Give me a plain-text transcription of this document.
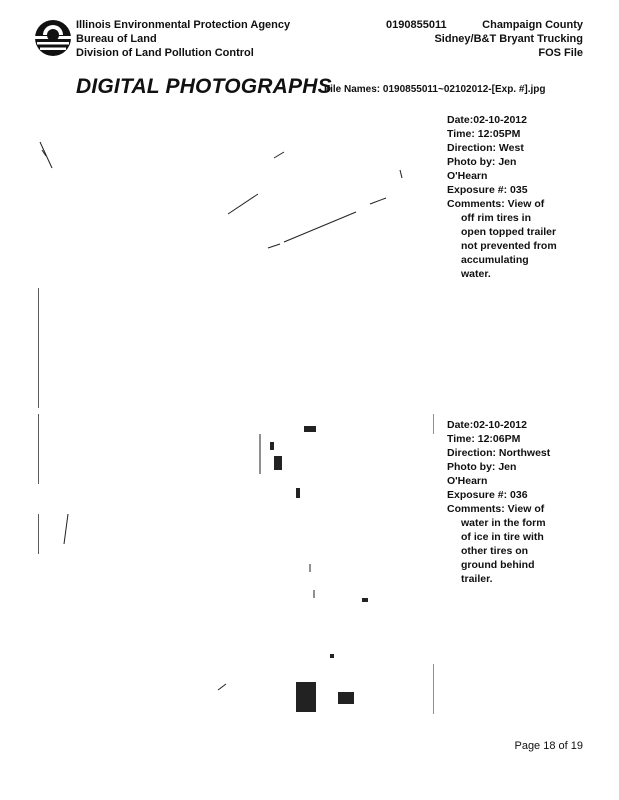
Illinois Environmental Protection Agency
Bureau of Land
Division of Land Pollution Control
0190855011	Champaign County
Sidney/B&T Bryant Trucking
FOS File
DIGITAL PHOTOGRAPHS
File Names: 0190855011~02102012-[Exp. #].jpg
Date:02-10-2012
Time: 12:05PM
Direction: West
Photo by: Jen
O'Hearn
Exposure #: 035
Comments: View of
off rim tires in
open topped trailer
not prevented from
accumulating
water.
Date:02-10-2012
Time: 12:06PM
Direction: Northwest
Photo by: Jen
O'Hearn
Exposure #: 036
Comments: View of
water in the form
of ice in tire with
other tires on
ground behind
trailer.
Page 18 of 19
